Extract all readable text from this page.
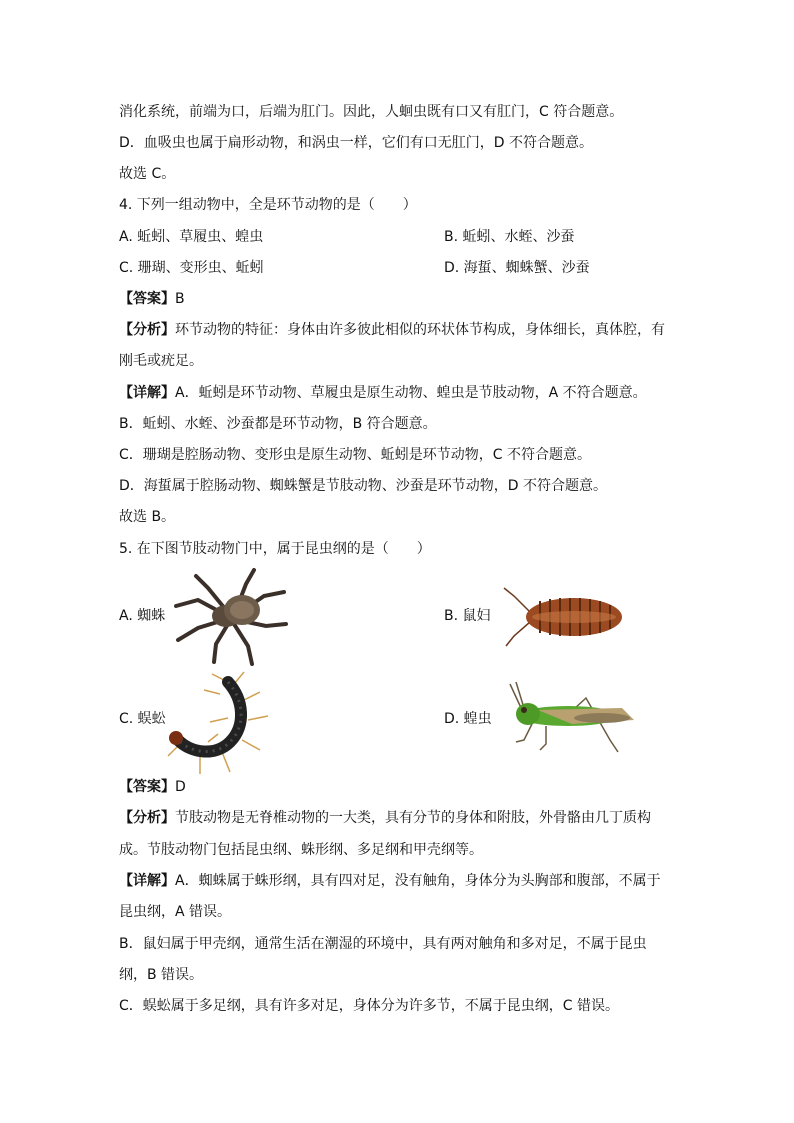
消化系统，前端为口，后端为肛门。因此，人蛔虫既有口又有肛门，C 符合题意。
D．血吸虫也属于扁形动物，和涡虫一样，它们有口无肛门，D 不符合题意。
故选 C。
4. 下列一组动物中，全是环节动物的是（　　）
A. 蚯蚓、草履虫、蝗虫	B. 蚯蚓、水蛭、沙蚕
C. 珊瑚、变形虫、蚯蚓	D. 海蜇、蜘蛛蟹、沙蚕
【答案】B
【分析】环节动物的特征：身体由许多彼此相似的环状体节构成，身体细长，真体腔，有
刚毛或疣足。
【详解】A．蚯蚓是环节动物、草履虫是原生动物、蝗虫是节肢动物，A 不符合题意。
B．蚯蚓、水蛭、沙蚕都是环节动物，B 符合题意。
C．珊瑚是腔肠动物、变形虫是原生动物、蚯蚓是环节动物，C 不符合题意。
D．海蜇属于腔肠动物、蜘蛛蟹是节肢动物、沙蚕是环节动物，D 不符合题意。
故选 B。
5. 在下图节肢动物门中，属于昆虫纲的是（　　）
A. 蜘蛛	B. 鼠妇
C. 蜈蚣	D. 蝗虫
【答案】D
【分析】节肢动物是无脊椎动物的一大类，具有分节的身体和附肢，外骨骼由几丁质构
成。节肢动物门包括昆虫纲、蛛形纲、多足纲和甲壳纲等。
【详解】A．蜘蛛属于蛛形纲，具有四对足，没有触角，身体分为头胸部和腹部，不属于
昆虫纲，A 错误。
B．鼠妇属于甲壳纲，通常生活在潮湿的环境中，具有两对触角和多对足，不属于昆虫
纲，B 错误。
C．蜈蚣属于多足纲，具有许多对足，身体分为许多节，不属于昆虫纲，C 错误。
